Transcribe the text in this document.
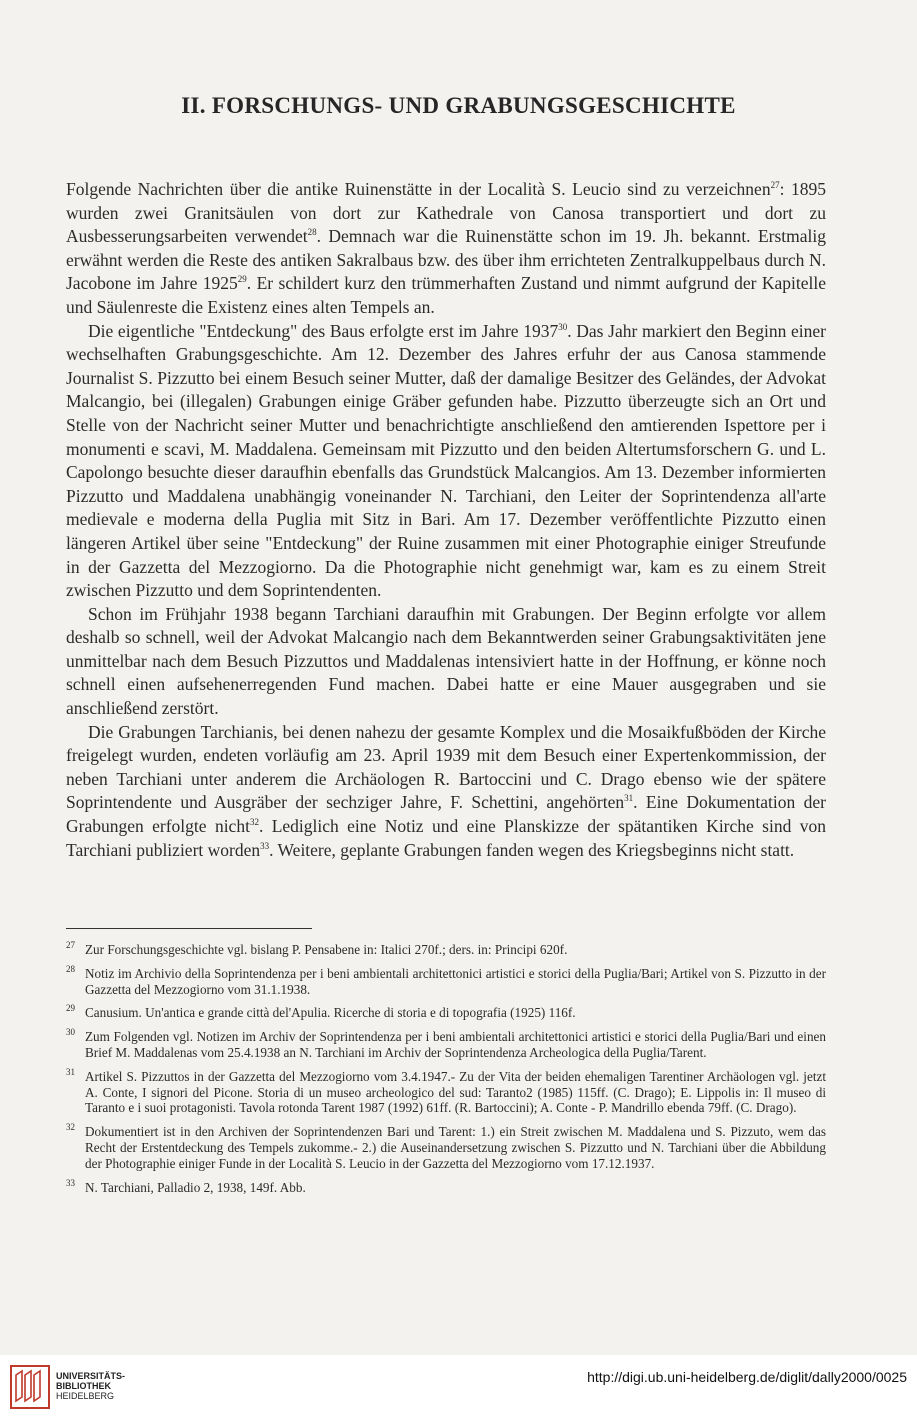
II. FORSCHUNGS- UND GRABUNGSGESCHICHTE

Folgende Nachrichten über die antike Ruinenstätte in der Località S. Leucio sind zu verzeichnen$^{27}$: 1895 wurden zwei Granitsäulen von dort zur Kathedrale von Canosa transportiert und dort zu Ausbesserungsarbeiten verwendet$^{28}$. Demnach war die Ruinenstätte schon im 19. Jh. bekannt. Erstmalig erwähnt werden die Reste des antiken Sakralbaus bzw. des über ihm errichteten Zentralkuppelbaus durch N. Jacobone im Jahre 1925$^{29}$. Er schildert kurz den trümmerhaften Zustand und nimmt aufgrund der Kapitelle und Säulenreste die Existenz eines alten Tempels an.

Die eigentliche "Entdeckung" des Baus erfolgte erst im Jahre 1937$^{30}$. Das Jahr markiert den Beginn einer wechselhaften Grabungsgeschichte. Am 12. Dezember des Jahres erfuhr der aus Canosa stammende Journalist S. Pizzutto bei einem Besuch seiner Mutter, daß der damalige Besitzer des Geländes, der Advokat Malcangio, bei (illegalen) Grabungen einige Gräber gefunden habe. Pizzutto überzeugte sich an Ort und Stelle von der Nachricht seiner Mutter und benachrichtigte anschließend den amtierenden Ispettore per i monumenti e scavi, M. Maddalena. Gemeinsam mit Pizzutto und den beiden Altertumsforschern G. und L. Capolongo besuchte dieser daraufhin ebenfalls das Grundstück Malcangios. Am 13. Dezember informierten Pizzutto und Maddalena unabhängig voneinander N. Tarchiani, den Leiter der Soprintendenza all'arte medievale e moderna della Puglia mit Sitz in Bari. Am 17. Dezember veröffentlichte Pizzutto einen längeren Artikel über seine "Entdeckung" der Ruine zusammen mit einer Photographie einiger Streufunde in der Gazzetta del Mezzogiorno. Da die Photographie nicht genehmigt war, kam es zu einem Streit zwischen Pizzutto und dem Soprintendenten.

Schon im Frühjahr 1938 begann Tarchiani daraufhin mit Grabungen. Der Beginn erfolgte vor allem deshalb so schnell, weil der Advokat Malcangio nach dem Bekanntwerden seiner Grabungsaktivitäten jene unmittelbar nach dem Besuch Pizzuttos und Maddalenas intensiviert hatte in der Hoffnung, er könne noch schnell einen aufsehenerregenden Fund machen. Dabei hatte er eine Mauer ausgegraben und sie anschließend zerstört.

Die Grabungen Tarchianis, bei denen nahezu der gesamte Komplex und die Mosaikfußböden der Kirche freigelegt wurden, endeten vorläufig am 23. April 1939 mit dem Besuch einer Expertenkommission, der neben Tarchiani unter anderem die Archäologen R. Bartoccini und C. Drago ebenso wie der spätere Soprintendente und Ausgräber der sechziger Jahre, F. Schettini, angehörten$^{31}$. Eine Dokumentation der Grabungen erfolgte nicht$^{32}$. Lediglich eine Notiz und eine Planskizze der spätantiken Kirche sind von Tarchiani publiziert worden$^{33}$. Weitere, geplante Grabungen fanden wegen des Kriegsbeginns nicht statt.

27 Zur Forschungsgeschichte vgl. bislang P. Pensabene in: Italici 270f.; ders. in: Principi 620f.
28 Notiz im Archivio della Soprintendenza per i beni ambientali architettonici artistici e storici della Puglia/Bari; Artikel von S. Pizzutto in der Gazzetta del Mezzogiorno vom 31.1.1938.
29 Canusium. Un'antica e grande città del'Apulia. Ricerche di storia e di topografia (1925) 116f.
30 Zum Folgenden vgl. Notizen im Archiv der Soprintendenza per i beni ambientali architettonici artistici e storici della Puglia/Bari und einen Brief M. Maddalenas vom 25.4.1938 an N. Tarchiani im Archiv der Soprintendenza Archeologica della Puglia/Tarent.
31 Artikel S. Pizzuttos in der Gazzetta del Mezzogiorno vom 3.4.1947.- Zu der Vita der beiden ehemaligen Tarentiner Archäologen vgl. jetzt A. Conte, I signori del Picone. Storia di un museo archeologico del sud: Taranto2 (1985) 115ff. (C. Drago); E. Lippolis in: Il museo di Taranto e i suoi protagonisti. Tavola rotonda Tarent 1987 (1992) 61ff. (R. Bartoccini); A. Conte - P. Mandrillo ebenda 79ff. (C. Drago).
32 Dokumentiert ist in den Archiven der Soprintendenzen Bari und Tarent: 1.) ein Streit zwischen M. Maddalena und S. Pizzuto, wem das Recht der Erstentdeckung des Tempels zukomme.- 2.) die Auseinandersetzung zwischen S. Pizzutto und N. Tarchiani über die Abbildung der Photographie einiger Funde in der Località S. Leucio in der Gazzetta del Mezzogiorno vom 17.12.1937.
33 N. Tarchiani, Palladio 2, 1938, 149f. Abb.
UNIVERSITÄTS-
BIBLIOTHEK
HEIDELBERG
http://digi.ub.uni-heidelberg.de/diglit/dally2000/0025
